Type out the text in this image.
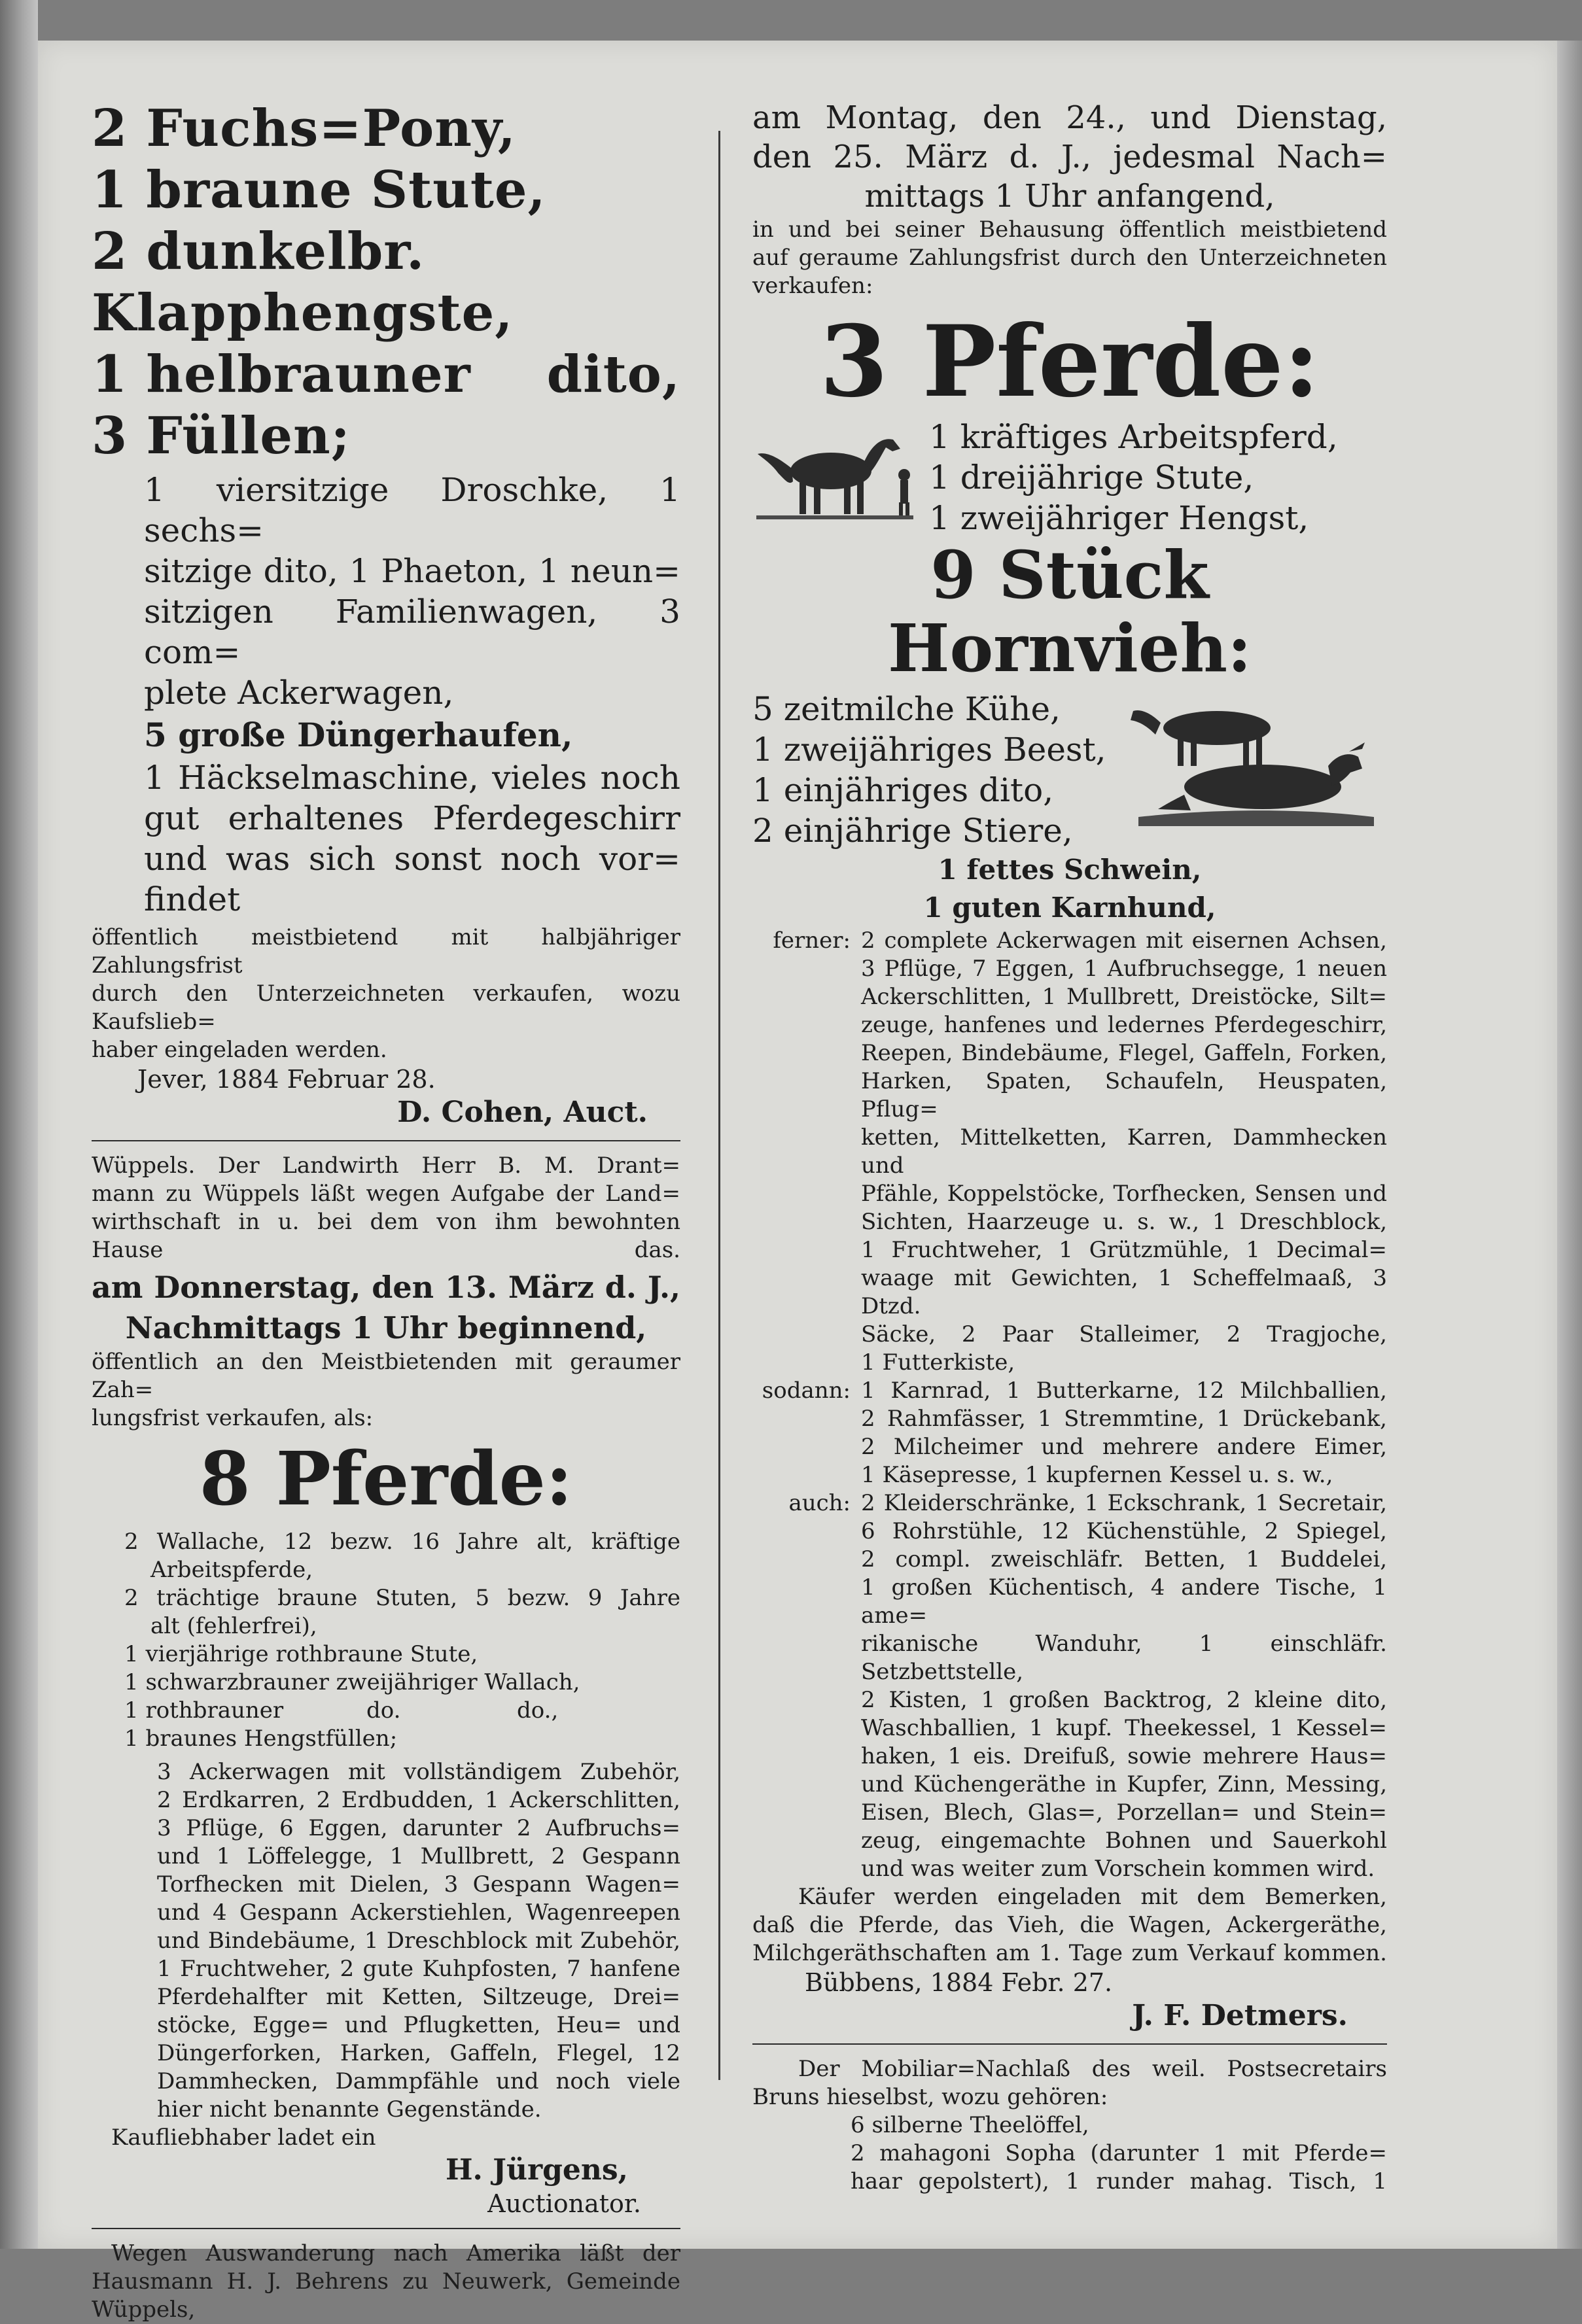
2 Fuchs=Pony,
1 braune Stute,
2 dunkelbr. Klapphengste,
1 helbrauner dito,
3 Füllen;
1 viersitzige Droschke, 1 sechs=
sitzige dito, 1 Phaeton, 1 neun=
sitzigen Familienwagen, 3 com=
plete Ackerwagen,
5 große Düngerhaufen,
1 Häckselmaschine, vieles noch
gut erhaltenes Pferdegeschirr
und was sich sonst noch vor=
findet
öffentlich meistbietend mit halbjähriger Zahlungsfrist
durch den Unterzeichneten verkaufen, wozu Kaufslieb=
haber eingeladen werden.
Jever, 1884 Februar 28.
D. Cohen, Auct.
Wüppels. Der Landwirth Herr B. M. Drant=
mann zu Wüppels läßt wegen Aufgabe der Land=
wirthschaft in u. bei dem von ihm bewohnten Hause das.
am Donnerstag, den 13. März d. J.,
Nachmittags 1 Uhr beginnend,
öffentlich an den Meistbietenden mit geraumer Zah=
lungsfrist verkaufen, als:
8 Pferde:
2 Wallache, 12 bezw. 16 Jahre alt, kräftige
Arbeitspferde,
2 trächtige braune Stuten, 5 bezw. 9 Jahre
alt (fehlerfrei),
1 vierjährige rothbraune Stute,
1 schwarzbrauner zweijähriger Wallach,
1 rothbrauner	do.	do.,
1 braunes Hengstfüllen;
3 Ackerwagen mit vollständigem Zubehör,
2 Erdkarren, 2 Erdbudden, 1 Ackerschlitten,
3 Pflüge, 6 Eggen, darunter 2 Aufbruchs=
und 1 Löffelegge, 1 Mullbrett, 2 Gespann
Torfhecken mit Dielen, 3 Gespann Wagen=
und 4 Gespann Ackerstiehlen, Wagenreepen
und Bindebäume, 1 Dreschblock mit Zubehör,
1 Fruchtweher, 2 gute Kuhpfosten, 7 hanfene
Pferdehalfter mit Ketten, Siltzeuge, Drei=
stöcke, Egge= und Pflugketten, Heu= und
Düngerforken, Harken, Gaffeln, Flegel, 12
Dammhecken, Dammpfähle und noch viele
hier nicht benannte Gegenstände.
Kaufliebhaber ladet ein
H. Jürgens,
Auctionator.
Wegen Auswanderung nach Amerika läßt der
Hausmann H. J. Behrens zu Neuwerk, Gemeinde
Wüppels,
am Montag, den 24., und Dienstag,
den 25. März d. J., jedesmal Nach=
mittags 1 Uhr anfangend,
in und bei seiner Behausung öffentlich meistbietend
auf geraume Zahlungsfrist durch den Unterzeichneten
verkaufen:
3 Pferde:
1 kräftiges Arbeitspferd,
1 dreijährige Stute,
1 zweijähriger Hengst,
9 Stück Hornvieh:
5 zeitmilche Kühe,
1 zweijähriges Beest,
1 einjähriges dito,
2 einjährige Stiere,
1 fettes Schwein,
1 guten Karnhund,
ferner: 2 complete Ackerwagen mit eisernen Achsen,
3 Pflüge, 7 Eggen, 1 Aufbruchsegge, 1 neuen
Ackerschlitten, 1 Mullbrett, Dreistöcke, Silt=
zeuge, hanfenes und ledernes Pferdegeschirr,
Reepen, Bindebäume, Flegel, Gaffeln, Forken,
Harken, Spaten, Schaufeln, Heuspaten, Pflug=
ketten, Mittelketten, Karren, Dammhecken und
Pfähle, Koppelstöcke, Torfhecken, Sensen und
Sichten, Haarzeuge u. s. w., 1 Dreschblock,
1 Fruchtweher, 1 Grützmühle, 1 Decimal=
waage mit Gewichten, 1 Scheffelmaaß, 3 Dtzd.
Säcke, 2 Paar Stalleimer, 2 Tragjoche,
1 Futterkiste,
sodann: 1 Karnrad, 1 Butterkarne, 12 Milchballien,
2 Rahmfässer, 1 Stremmtine, 1 Drückebank,
2 Milcheimer und mehrere andere Eimer,
1 Käsepresse, 1 kupfernen Kessel u. s. w.,
auch: 2 Kleiderschränke, 1 Eckschrank, 1 Secretair,
6 Rohrstühle, 12 Küchenstühle, 2 Spiegel,
2 compl. zweischläfr. Betten, 1 Buddelei,
1 großen Küchentisch, 4 andere Tische, 1 ame=
rikanische Wanduhr, 1 einschläfr. Setzbettstelle,
2 Kisten, 1 großen Backtrog, 2 kleine dito,
Waschballien, 1 kupf. Theekessel, 1 Kessel=
haken, 1 eis. Dreifuß, sowie mehrere Haus=
und Küchengeräthe in Kupfer, Zinn, Messing,
Eisen, Blech, Glas=, Porzellan= und Stein=
zeug, eingemachte Bohnen und Sauerkohl
und was weiter zum Vorschein kommen wird.
Käufer werden eingeladen mit dem Bemerken,
daß die Pferde, das Vieh, die Wagen, Ackergeräthe,
Milchgeräthschaften am 1. Tage zum Verkauf kommen.
Bübbens, 1884 Febr. 27.
J. F. Detmers.
Der Mobiliar=Nachlaß des weil. Postsecretairs
Bruns hieselbst, wozu gehören:
6 silberne Theelöffel,
2 mahagoni Sopha (darunter 1 mit Pferde=
haar gepolstert), 1 runder mahag. Tisch, 1
